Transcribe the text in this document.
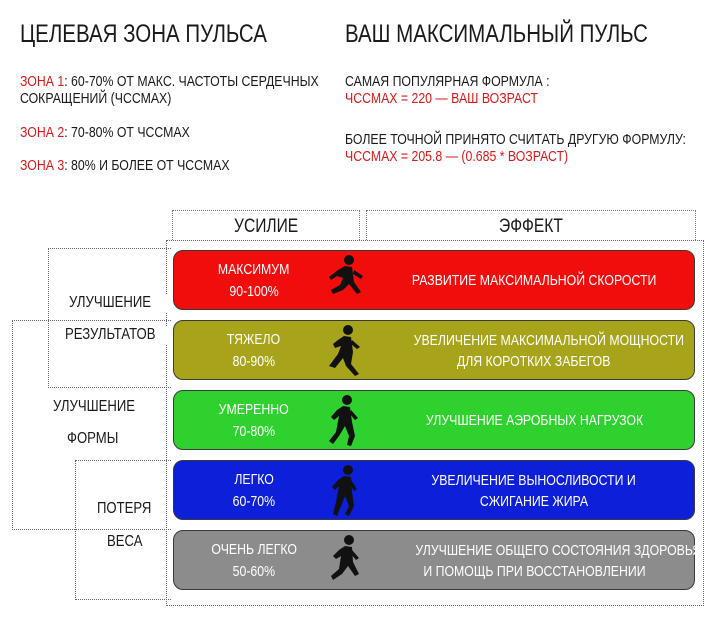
ЦЕЛЕВАЯ ЗОНА ПУЛЬСА
ЗОНА 1: 60-70% ОТ МАКС. ЧАСТОТЫ СЕРДЕЧНЫХ
СОКРАЩЕНИЙ (ЧССМАХ)
ЗОНА 2: 70-80% ОТ ЧССМАХ
ЗОНА 3: 80% И БОЛЕЕ ОТ ЧССМАХ
ВАШ МАКСИМАЛЬНЫЙ ПУЛЬС
САМАЯ ПОПУЛЯРНАЯ ФОРМУЛА :
ЧССМАХ = 220 — ВАШ ВОЗРАСТ
БОЛЕЕ ТОЧНОЙ ПРИНЯТО СЧИТАТЬ ДРУГУЮ ФОРМУЛУ:
ЧССМАХ = 205.8 — (0.685 * ВОЗРАСТ)
УСИЛИЕ	ЭФФЕКТ
УЛУЧШЕНИЕ
РЕЗУЛЬТАТОВ
УЛУЧШЕНИЕ
ФОРМЫ
ПОТЕРЯ
ВЕСА
МАКСИМУМ
90-100%
РАЗВИТИЕ МАКСИМАЛЬНОЙ СКОРОСТИ
ТЯЖЕЛО
80-90%
УВЕЛИЧЕНИЕ МАКСИМАЛЬНОЙ МОЩНОСТИ
ДЛЯ КОРОТКИХ ЗАБЕГОВ
УМЕРЕННО
70-80%
УЛУЧШЕНИЕ АЭРОБНЫХ НАГРУЗОК
ЛЕГКО
60-70%
УВЕЛИЧЕНИЕ ВЫНОСЛИВОСТИ И
СЖИГАНИЕ ЖИРА
ОЧЕНЬ ЛЕГКО
50-60%
УЛУЧШЕНИЕ ОБЩЕГО СОСТОЯНИЯ ЗДОРОВЬЯ
И ПОМОЩЬ ПРИ ВОССТАНОВЛЕНИИ
